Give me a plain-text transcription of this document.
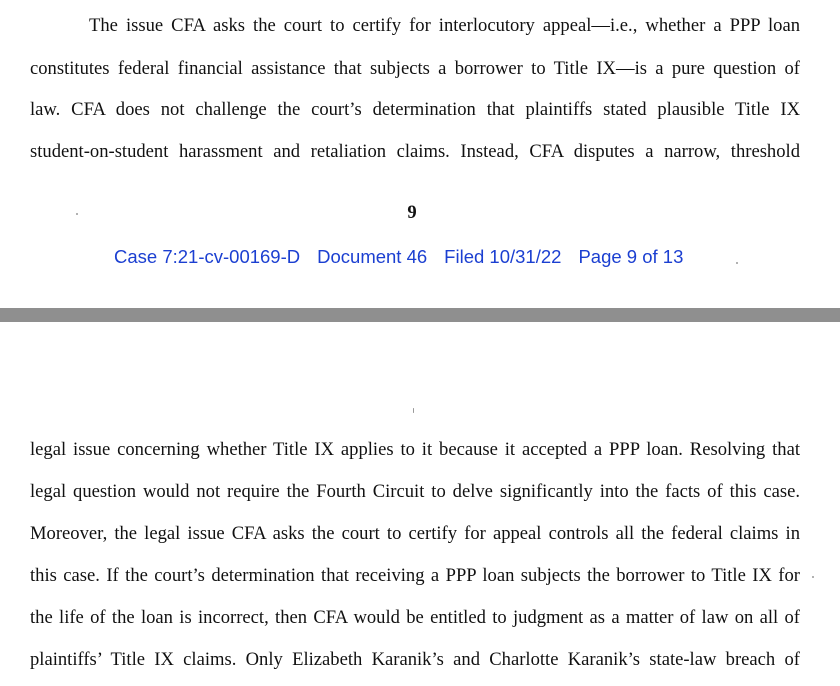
The issue CFA asks the court to certify for interlocutory appeal—i.e., whether a PPP loan
constitutes federal financial assistance that subjects a borrower to Title IX—is a pure question of
law. CFA does not challenge the court’s determination that plaintiffs stated plausible Title IX
student-on-student harassment and retaliation claims. Instead, CFA disputes a narrow, threshold
9
Case 7:21-cv-00169-D Document 46 Filed 10/31/22 Page 9 of 13
legal issue concerning whether Title IX applies to it because it accepted a PPP loan. Resolving that
legal question would not require the Fourth Circuit to delve significantly into the facts of this case.
Moreover, the legal issue CFA asks the court to certify for appeal controls all the federal claims in
this case. If the court’s determination that receiving a PPP loan subjects the borrower to Title IX for
the life of the loan is incorrect, then CFA would be entitled to judgment as a matter of law on all of
plaintiffs’ Title IX claims. Only Elizabeth Karanik’s and Charlotte Karanik’s state-law breach of
